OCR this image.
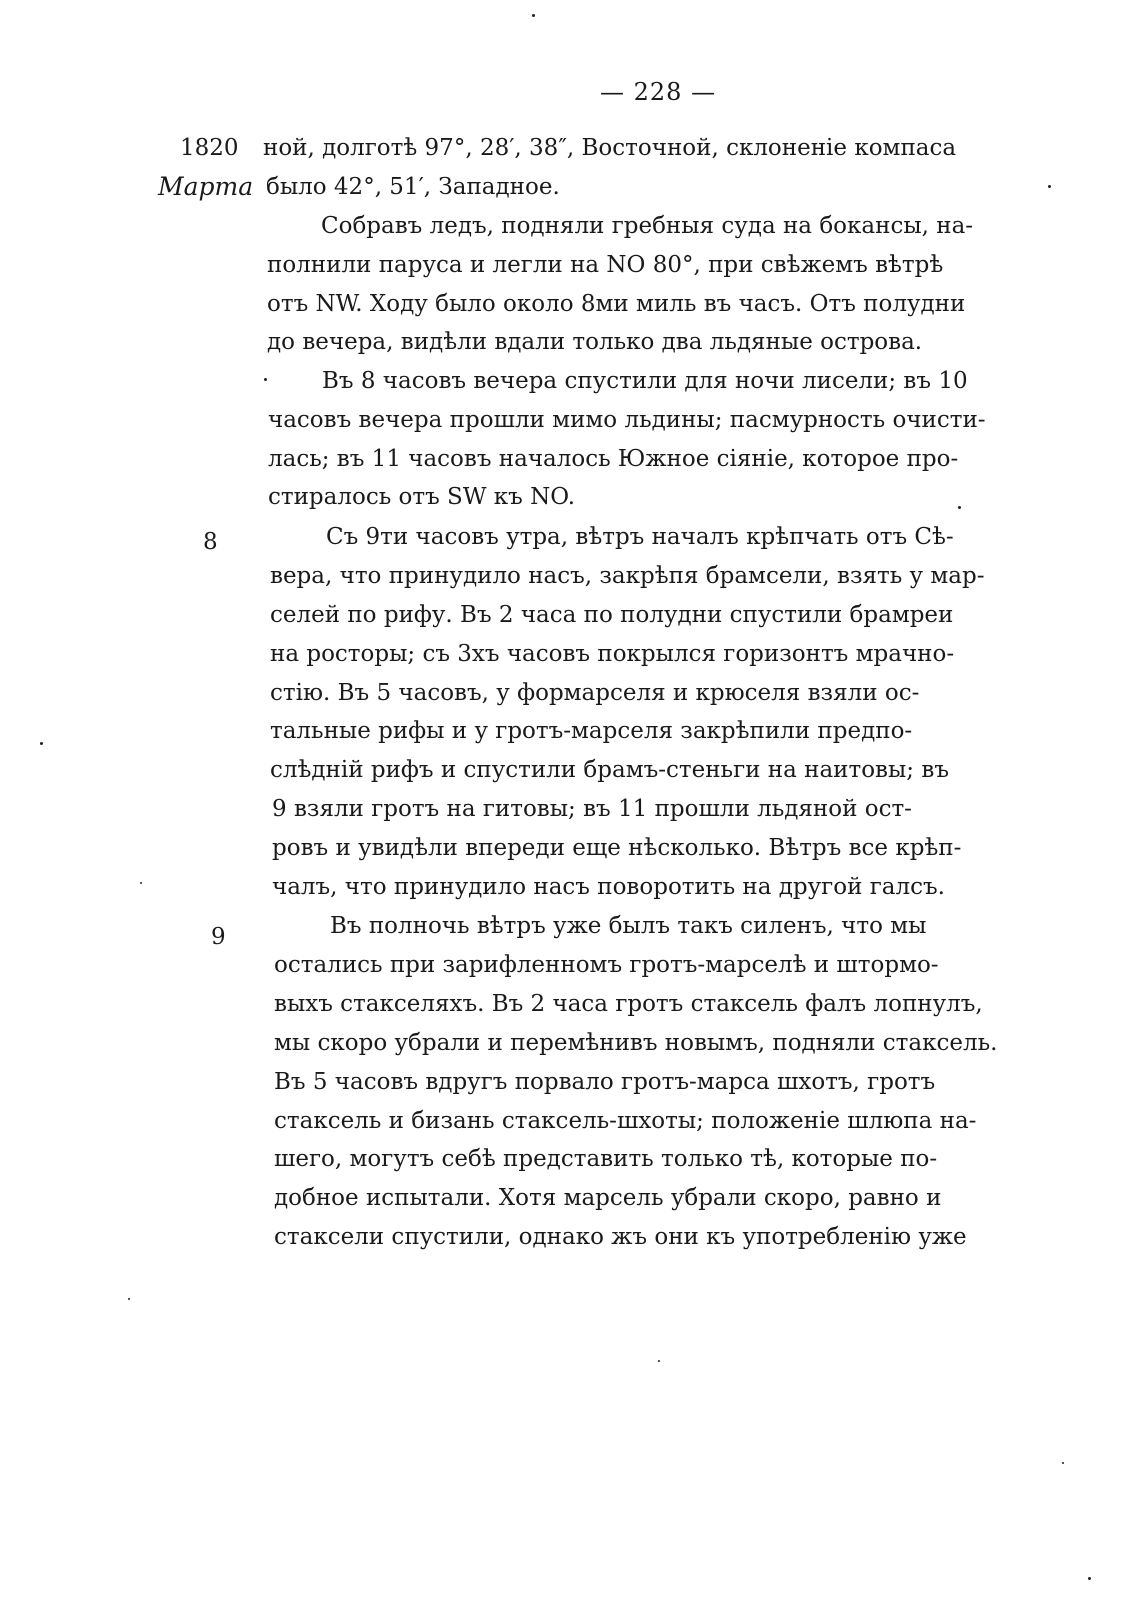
— 228 —
1820
Марта
8
9
ной, долготѣ 97°, 28′, 38″, Восточной, склоненіе компаса
было 42°, 51′, Западное.
Собравъ ледъ, подняли гребныя суда на бокансы, на-
полнили паруса и легли на NO 80°, при свѣжемъ вѣтрѣ
отъ NW. Ходу было около 8ми миль въ часъ. Отъ полудни
до вечера, видѣли вдали только два льдяные острова.
Въ 8 часовъ вечера спустили для ночи лисели; въ 10
часовъ вечера прошли мимо льдины; пасмурность очисти-
лась; въ 11 часовъ началось Южное сіяніе, которое про-
стиралось отъ SW къ NO.
Съ 9ти часовъ утра, вѣтръ началъ крѣпчать отъ Сѣ-
вера, что принудило насъ, закрѣпя брамсели, взять у мар-
селей по рифу. Въ 2 часа по полудни спустили брамреи
на росторы; съ 3хъ часовъ покрылся горизонтъ мрачно-
стію. Въ 5 часовъ, у формарселя и крюселя взяли ос-
тальные рифы и у гротъ-марселя закрѣпили предпо-
слѣдній рифъ и спустили брамъ-стеньги на наитовы; въ
9 взяли гротъ на гитовы; въ 11 прошли льдяной ост-
ровъ и увидѣли впереди еще нѣсколько. Вѣтръ все крѣп-
чалъ, что принудило насъ поворотить на другой галсъ.
Въ полночь вѣтръ уже былъ такъ силенъ, что мы
остались при зарифленномъ гротъ-марселѣ и штормо-
выхъ стакселяхъ. Въ 2 часа гротъ стаксель фалъ лопнулъ,
мы скоро убрали и перемѣнивъ новымъ, подняли стаксель.
Въ 5 часовъ вдругъ порвало гротъ-марса шхотъ, гротъ
стаксель и бизань стаксель-шхоты; положеніе шлюпа на-
шего, могутъ себѣ представить только тѣ, которые по-
добное испытали. Хотя марсель убрали скоро, равно и
стаксели спустили, однако жъ они къ употребленію уже
